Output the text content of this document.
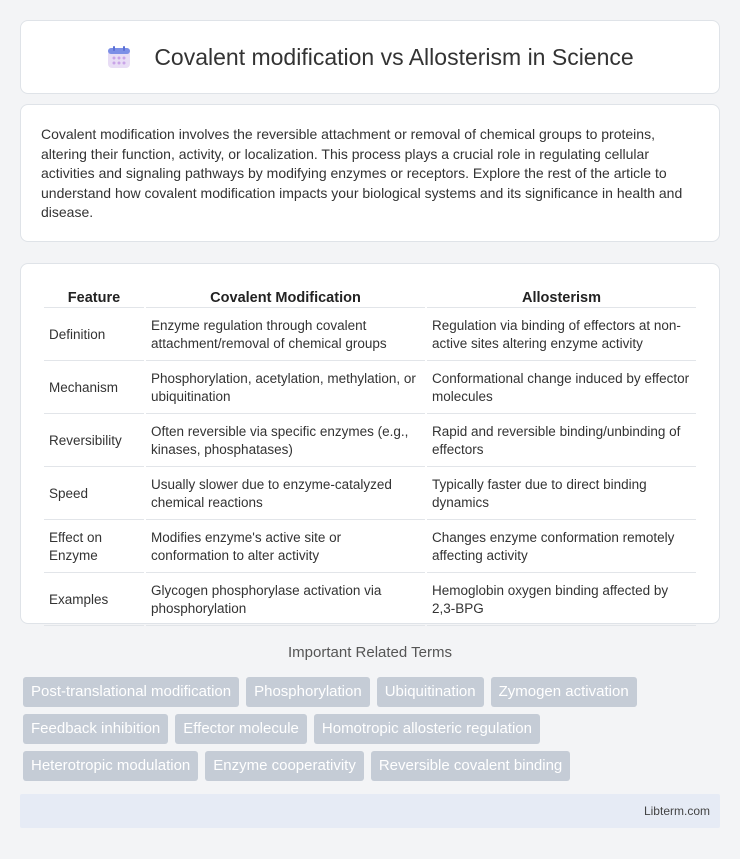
Covalent modification vs Allosterism in Science

Covalent modification involves the reversible attachment or removal of chemical groups to proteins, altering their function, activity, or localization. This process plays a crucial role in regulating cellular activities and signaling pathways by modifying enzymes or receptors. Explore the rest of the article to understand how covalent modification impacts your biological systems and its significance in health and disease.

Feature	Covalent Modification	Allosterism
Definition	Enzyme regulation through covalent attachment/removal of chemical groups	Regulation via binding of effectors at non-active sites altering enzyme activity
Mechanism	Phosphorylation, acetylation, methylation, or ubiquitination	Conformational change induced by effector molecules
Reversibility	Often reversible via specific enzymes (e.g., kinases, phosphatases)	Rapid and reversible binding/unbinding of effectors
Speed	Usually slower due to enzyme-catalyzed chemical reactions	Typically faster due to direct binding dynamics
Effect on Enzyme	Modifies enzyme's active site or conformation to alter activity	Changes enzyme conformation remotely affecting activity
Examples	Glycogen phosphorylase activation via phosphorylation	Hemoglobin oxygen binding affected by 2,3-BPG
Important Related Terms
Post-translational modification	Phosphorylation	Ubiquitination	Zymogen activation
Feedback inhibition	Effector molecule	Homotropic allosteric regulation
Heterotropic modulation	Enzyme cooperativity	Reversible covalent binding
Libterm.com
